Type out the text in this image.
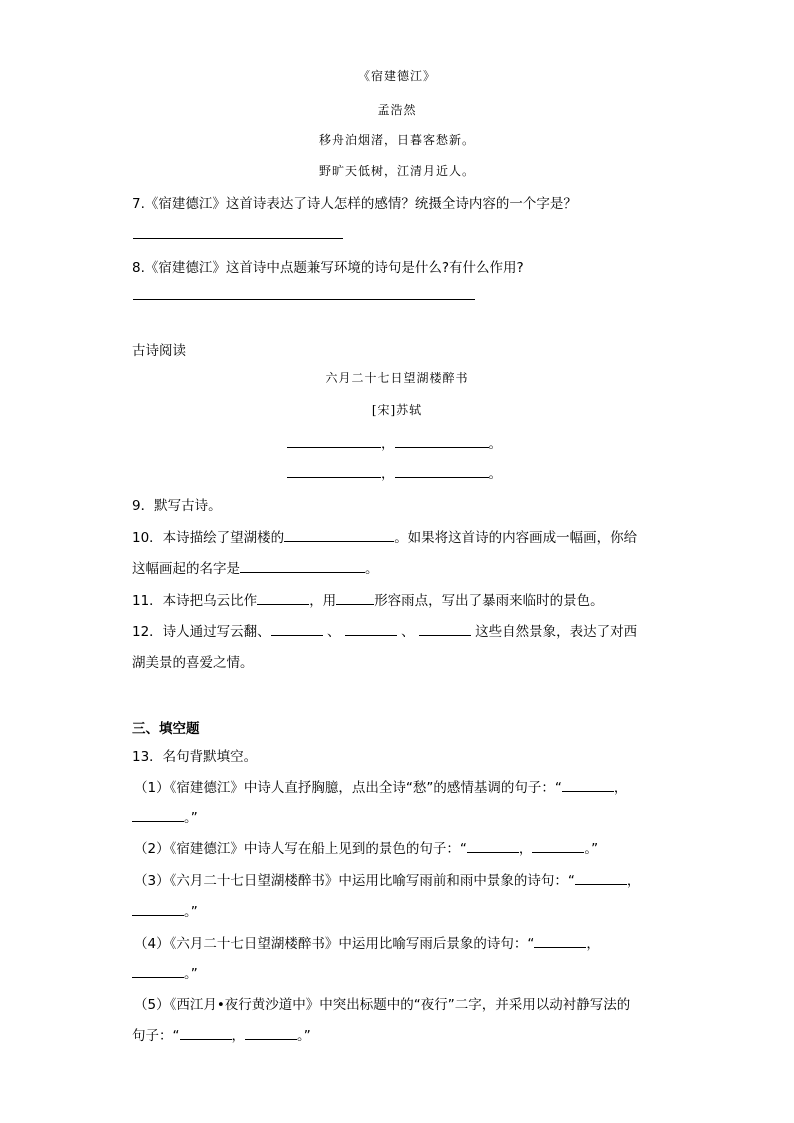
《宿建德江》
孟浩然
移舟泊烟渚，日暮客愁新。
野旷天低树，江清月近人。
7.《宿建德江》这首诗表达了诗人怎样的感情？统摄全诗内容的一个字是？
8.《宿建德江》这首诗中点题兼写环境的诗句是什么?有什么作用?
古诗阅读
六月二十七日望湖楼醉书
[宋]苏轼
，	。
，	。
9．默写古诗。
10．本诗描绘了望湖楼的	。如果将这首诗的内容画成一幅画，你给
这幅画起的名字是	。
11．本诗把乌云比作	，用	形容雨点，写出了暴雨来临时的景色。
12．诗人通过写云翻、	、	、	这些自然景象，表达了对西
湖美景的喜爱之情。
三、填空题
13．名句背默填空。
（1）《宿建德江》中诗人直抒胸臆，点出全诗“愁”的感情基调的句子：“	，
。”
（2）《宿建德江》中诗人写在船上见到的景色的句子：“	，	。”
（3）《六月二十七日望湖楼醉书》中运用比喻写雨前和雨中景象的诗句：“	，
。”
（4）《六月二十七日望湖楼醉书》中运用比喻写雨后景象的诗句：“	，
。”
（5）《西江月•夜行黄沙道中》中突出标题中的“夜行”二字，并采用以动衬静写法的
句子：“	，	。”
